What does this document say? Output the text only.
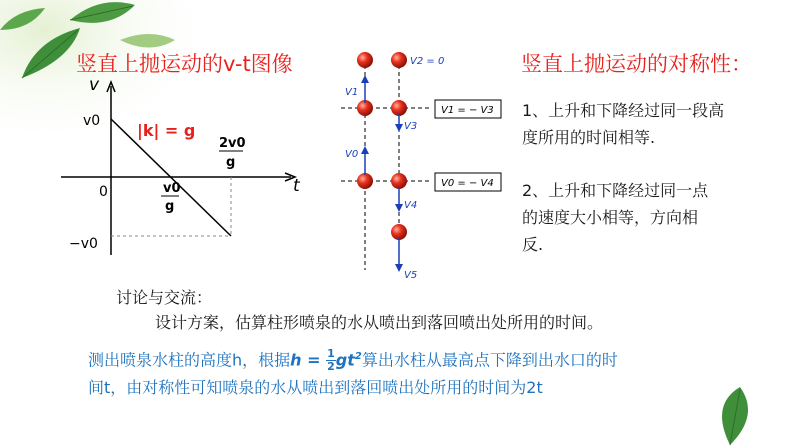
竖直上抛运动的v-t图像	竖直上抛运动的对称性：
v
t
v0
0
−v0
|k| = g
v0
g
2v0
g
V2 = 0
V1
V3
V0
V4
V5
V1 = − V3
V0 = − V4
1、上升和下降经过同一段高
度所用的时间相等.
2、上升和下降经过同一点
的速度大小相等，方向相
反.
讨论与交流：
设计方案，估算柱形喷泉的水从喷出到落回喷出处所用的时间。
测出喷泉水柱的高度h，根据$h = \frac{1}{2} gt^2$算出水柱从最高点下降到出水口的时
间t，由对称性可知喷泉的水从喷出到落回喷出处所用的时间为2t
